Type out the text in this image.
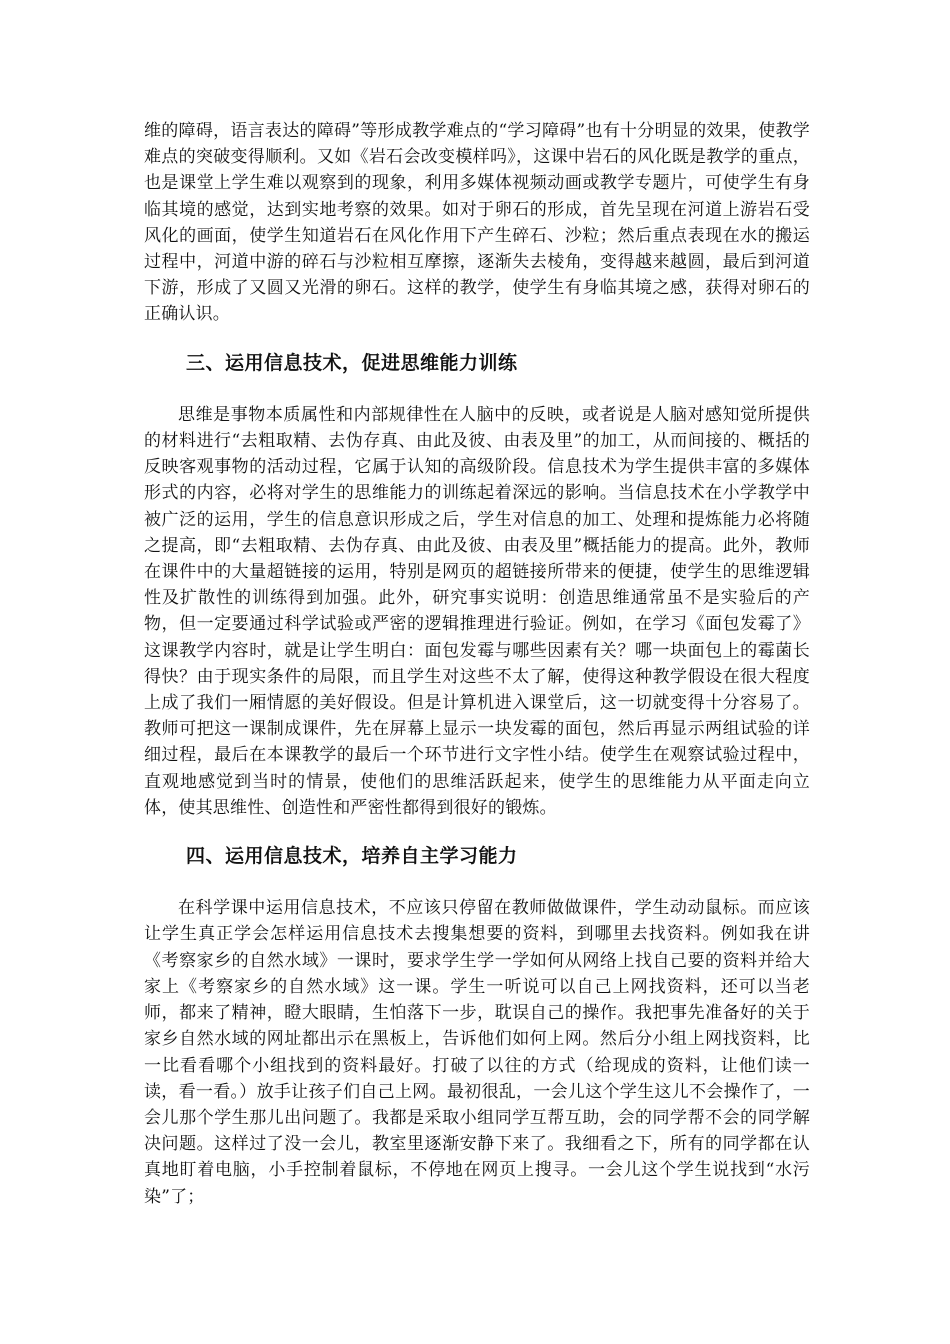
维的障碍，语言表达的障碍”等形成教学难点的“学习障碍”也有十分明显的效果，使教学难点的突破变得顺利。又如《岩石会改变模样吗》，这课中岩石的风化既是教学的重点，也是课堂上学生难以观察到的现象，利用多媒体视频动画或教学专题片，可使学生有身临其境的感觉，达到实地考察的效果。如对于卵石的形成，首先呈现在河道上游岩石受风化的画面，使学生知道岩石在风化作用下产生碎石、沙粒；然后重点表现在水的搬运过程中，河道中游的碎石与沙粒相互摩擦，逐渐失去棱角，变得越来越圆，最后到河道下游，形成了又圆又光滑的卵石。这样的教学，使学生有身临其境之感，获得对卵石的正确认识。

三、运用信息技术，促进思维能力训练

思维是事物本质属性和内部规律性在人脑中的反映，或者说是人脑对感知觉所提供的材料进行“去粗取精、去伪存真、由此及彼、由表及里”的加工，从而间接的、概括的反映客观事物的活动过程，它属于认知的高级阶段。信息技术为学生提供丰富的多媒体形式的内容，必将对学生的思维能力的训练起着深远的影响。当信息技术在小学教学中被广泛的运用，学生的信息意识形成之后，学生对信息的加工、处理和提炼能力必将随之提高，即“去粗取精、去伪存真、由此及彼、由表及里”概括能力的提高。此外，教师在课件中的大量超链接的运用，特别是网页的超链接所带来的便捷，使学生的思维逻辑性及扩散性的训练得到加强。此外，研究事实说明：创造思维通常虽不是实验后的产物，但一定要通过科学试验或严密的逻辑推理进行验证。例如，在学习《面包发霉了》这课教学内容时，就是让学生明白：面包发霉与哪些因素有关？哪一块面包上的霉菌长得快？由于现实条件的局限，而且学生对这些不太了解，使得这种教学假设在很大程度上成了我们一厢情愿的美好假设。但是计算机进入课堂后，这一切就变得十分容易了。教师可把这一课制成课件，先在屏幕上显示一块发霉的面包，然后再显示两组试验的详细过程，最后在本课教学的最后一个环节进行文字性小结。使学生在观察试验过程中，直观地感觉到当时的情景，使他们的思维活跃起来，使学生的思维能力从平面走向立体，使其思维性、创造性和严密性都得到很好的锻炼。

四、运用信息技术，培养自主学习能力

在科学课中运用信息技术，不应该只停留在教师做做课件，学生动动鼠标。而应该让学生真正学会怎样运用信息技术去搜集想要的资料，到哪里去找资料。例如我在讲《考察家乡的自然水域》一课时，要求学生学一学如何从网络上找自己要的资料并给大家上《考察家乡的自然水域》这一课。学生一听说可以自己上网找资料，还可以当老师，都来了精神，瞪大眼睛，生怕落下一步，耽误自己的操作。我把事先准备好的关于家乡自然水域的网址都出示在黑板上，告诉他们如何上网。然后分小组上网找资料，比一比看看哪个小组找到的资料最好。打破了以往的方式（给现成的资料，让他们读一读，看一看。）放手让孩子们自己上网。最初很乱，一会儿这个学生这儿不会操作了，一会儿那个学生那儿出问题了。我都是采取小组同学互帮互助，会的同学帮不会的同学解决问题。这样过了没一会儿，教室里逐渐安静下来了。我细看之下，所有的同学都在认真地盯着电脑，小手控制着鼠标，不停地在网页上搜寻。一会儿这个学生说找到“水污染”了；
